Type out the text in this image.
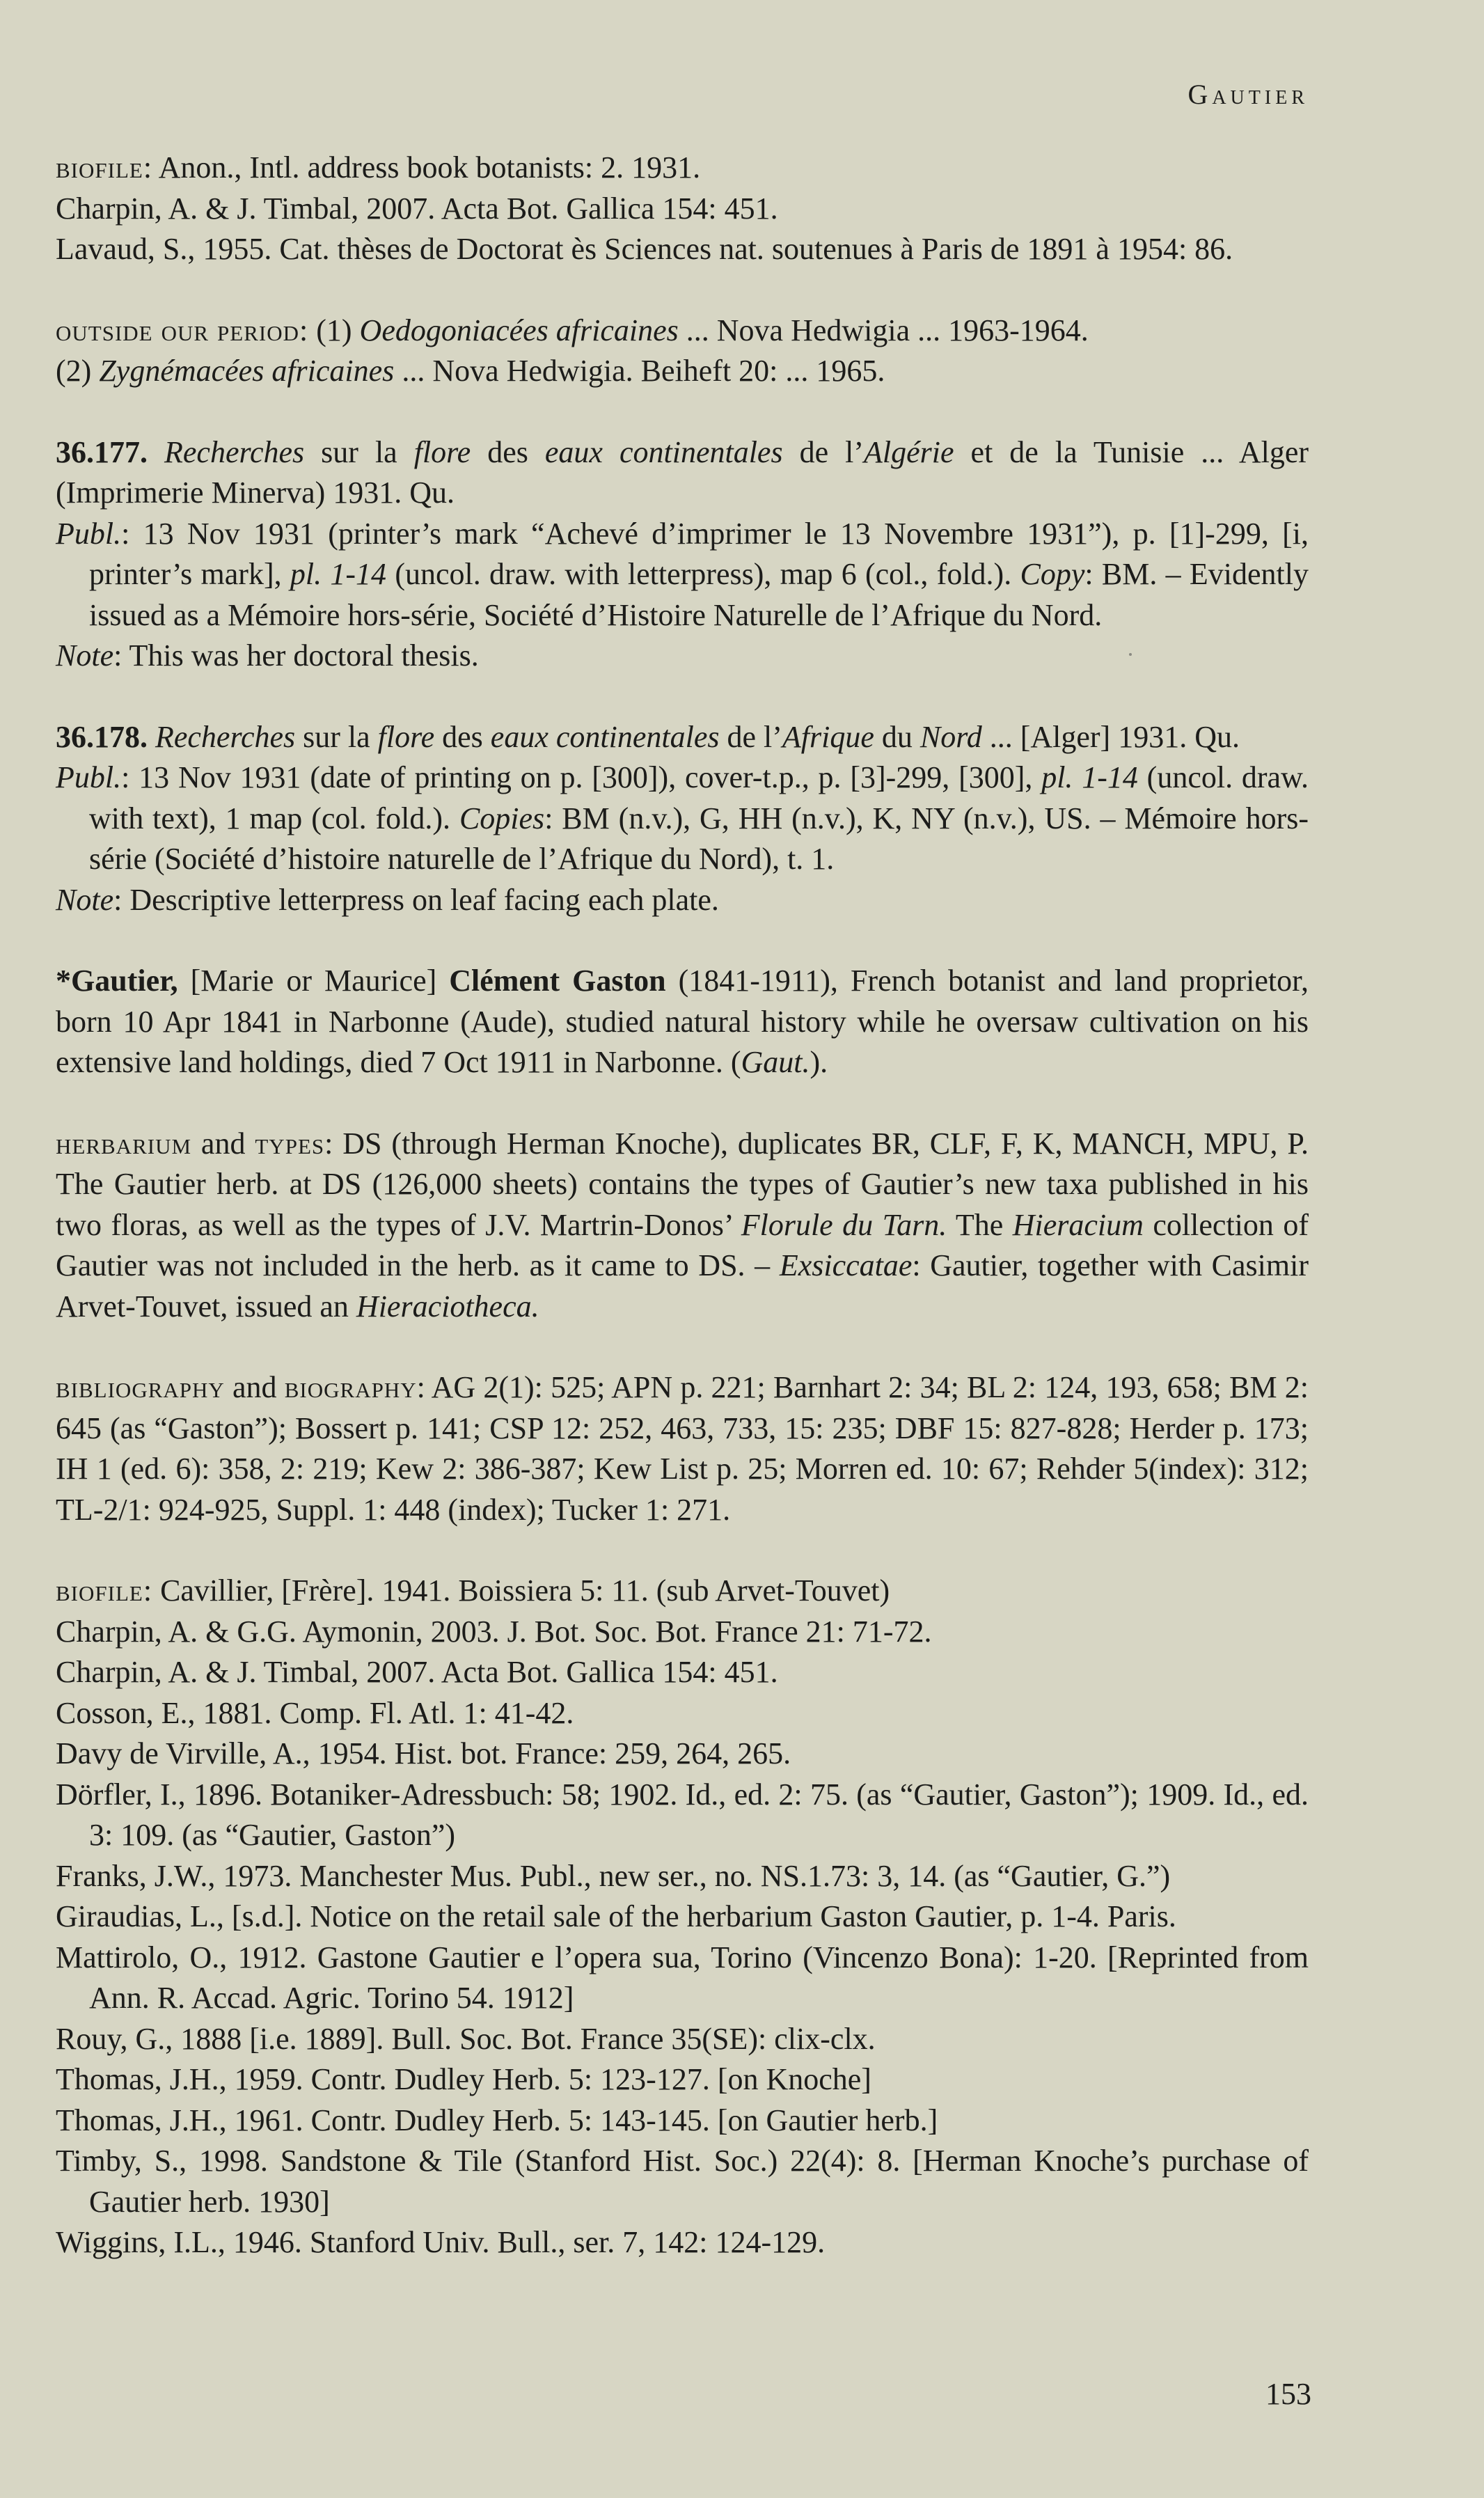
Gautier

biofile: Anon., Intl. address book botanists: 2. 1931.

Charpin, A. & J. Timbal, 2007. Acta Bot. Gallica 154: 451.

Lavaud, S., 1955. Cat. thèses de Doctorat ès Sciences nat. soutenues à Paris de 1891 à 1954: 86.

outside our period: (1) Oedogoniacées africaines ... Nova Hedwigia ... 1963-1964.

(2) Zygnémacées africaines ... Nova Hedwigia. Beiheft 20: ... 1965.

36.177. Recherches sur la flore des eaux continentales de l’Algérie et de la Tunisie ... Alger (Imprimerie Minerva) 1931. Qu.

Publ.: 13 Nov 1931 (printer’s mark “Achevé d’imprimer le 13 Novembre 1931”), p. [1]-299, [i, printer’s mark], pl. 1-14 (uncol. draw. with letterpress), map 6 (col., fold.). Copy: BM. – Evidently issued as a Mémoire hors-série, Société d’Histoire Naturelle de l’Afrique du Nord.

Note: This was her doctoral thesis.

36.178. Recherches sur la flore des eaux continentales de l’Afrique du Nord ... [Alger] 1931. Qu.

Publ.: 13 Nov 1931 (date of printing on p. [300]), cover-t.p., p. [3]-299, [300], pl. 1-14 (uncol. draw. with text), 1 map (col. fold.). Copies: BM (n.v.), G, HH (n.v.), K, NY (n.v.), US. – Mémoire hors-série (Société d’histoire naturelle de l’Afrique du Nord), t. 1.

Note: Descriptive letterpress on leaf facing each plate.

*Gautier, [Marie or Maurice] Clément Gaston (1841-1911), French botanist and land proprietor, born 10 Apr 1841 in Narbonne (Aude), studied natural history while he oversaw cultivation on his extensive land holdings, died 7 Oct 1911 in Narbonne. (Gaut.).

herbarium and types: DS (through Herman Knoche), duplicates BR, CLF, F, K, MANCH, MPU, P. The Gautier herb. at DS (126,000 sheets) contains the types of Gautier’s new taxa published in his two floras, as well as the types of J.V. Martrin-Donos’ Florule du Tarn. The Hieracium collection of Gautier was not included in the herb. as it came to DS. – Exsiccatae: Gautier, together with Casimir Arvet-Touvet, issued an Hieraciotheca.

bibliography and biography: AG 2(1): 525; APN p. 221; Barnhart 2: 34; BL 2: 124, 193, 658; BM 2: 645 (as “Gaston”); Bossert p. 141; CSP 12: 252, 463, 733, 15: 235; DBF 15: 827-828; Herder p. 173; IH 1 (ed. 6): 358, 2: 219; Kew 2: 386-387; Kew List p. 25; Morren ed. 10: 67; Rehder 5(index): 312; TL-2/1: 924-925, Suppl. 1: 448 (index); Tucker 1: 271.

biofile: Cavillier, [Frère]. 1941. Boissiera 5: 11. (sub Arvet-Touvet)

Charpin, A. & G.G. Aymonin, 2003. J. Bot. Soc. Bot. France 21: 71-72.

Charpin, A. & J. Timbal, 2007. Acta Bot. Gallica 154: 451.

Cosson, E., 1881. Comp. Fl. Atl. 1: 41-42.

Davy de Virville, A., 1954. Hist. bot. France: 259, 264, 265.

Dörfler, I., 1896. Botaniker-Adressbuch: 58; 1902. Id., ed. 2: 75. (as “Gautier, Gaston”); 1909. Id., ed. 3: 109. (as “Gautier, Gaston”)

Franks, J.W., 1973. Manchester Mus. Publ., new ser., no. NS.1.73: 3, 14. (as “Gautier, G.”)

Giraudias, L., [s.d.]. Notice on the retail sale of the herbarium Gaston Gautier, p. 1-4. Paris.

Mattirolo, O., 1912. Gastone Gautier e l’opera sua, Torino (Vincenzo Bona): 1-20. [Reprinted from Ann. R. Accad. Agric. Torino 54. 1912]

Rouy, G., 1888 [i.e. 1889]. Bull. Soc. Bot. France 35(SE): clix-clx.

Thomas, J.H., 1959. Contr. Dudley Herb. 5: 123-127. [on Knoche]

Thomas, J.H., 1961. Contr. Dudley Herb. 5: 143-145. [on Gautier herb.]

Timby, S., 1998. Sandstone & Tile (Stanford Hist. Soc.) 22(4): 8. [Herman Knoche’s purchase of Gautier herb. 1930]

Wiggins, I.L., 1946. Stanford Univ. Bull., ser. 7, 142: 124-129.

153
